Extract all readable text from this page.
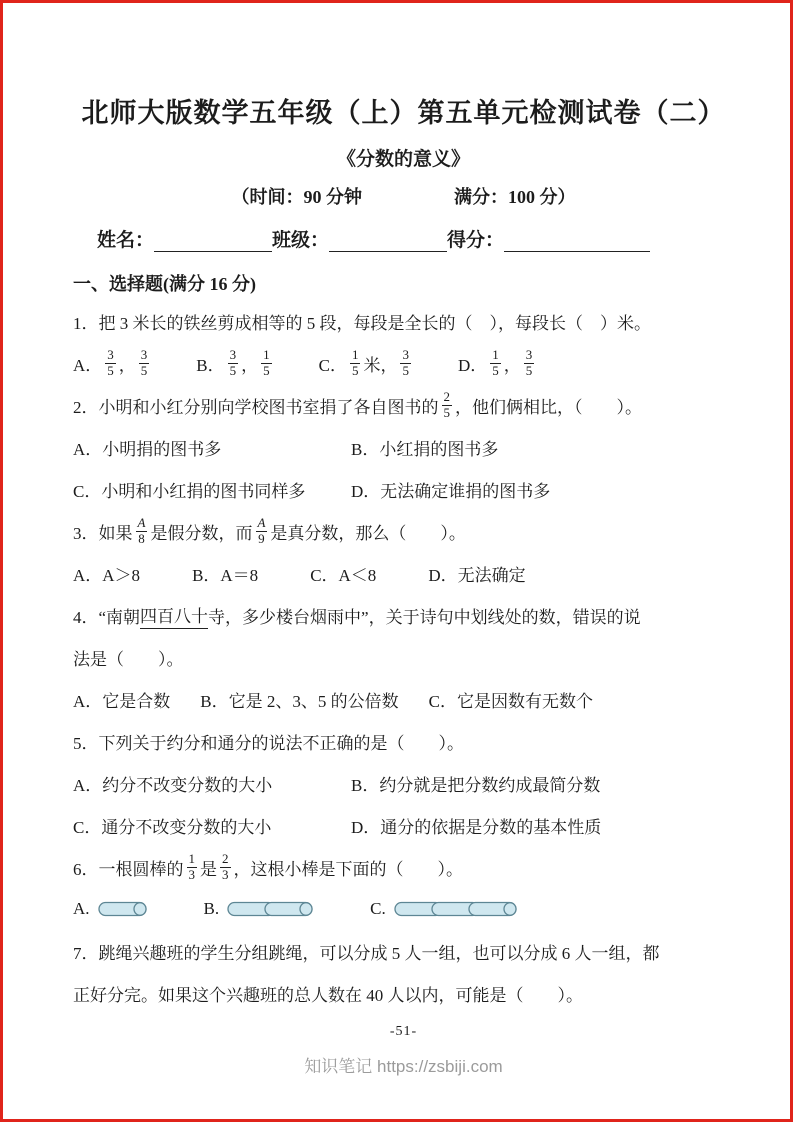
北师大版数学五年级（上）第五单元检测试卷（二）
《分数的意义》
（时间：90 分钟	满分：100 分）
姓名：	班级：	得分：
一、选择题(满分 16 分)
1． 把 3 米长的铁丝剪成相等的 5 段，每段是全长的（　），每段长（　）米。
A． $\frac{3}{5}$ ， $\frac{3}{5}$	B． $\frac{3}{5}$ ， $\frac{1}{5}$	C． $\frac{1}{5}$ 米， $\frac{3}{5}$	D． $\frac{1}{5}$ ， $\frac{3}{5}$
2． 小明和小红分别向学校图书室捐了各自图书的 $\frac{2}{5}$ ，他们俩相比，（　　）。
A．小明捐的图书多	B．小红捐的图书多
C．小明和小红捐的图书同样多	D．无法确定谁捐的图书多
3． 如果 $\frac{A}{8}$ 是假分数，而 $\frac{A}{9}$ 是真分数，那么（　　）。
A．A＞8	B．A＝8	C．A＜8	D．无法确定
4． “南朝 四百八十 寺，多少楼台烟雨中”，关于诗句中划线处的数，错误的说
法是（　　）。
A．它是合数 B．它是 2、3、5 的公倍数 C．它是因数有无数个
5． 下列关于约分和通分的说法不正确的是（　　）。
A．约分不改变分数的大小	B．约分就是把分数约成最简分数
C．通分不改变分数的大小	D．通分的依据是分数的基本性质
6． 一根圆棒的 $\frac{1}{3}$ 是 $\frac{2}{3}$ ，这根小棒是下面的（　　）。
A.	B.	C.
7． 跳绳兴趣班的学生分组跳绳，可以分成 5 人一组，也可以分成 6 人一组，都
正好分完。如果这个兴趣班的总人数在 40 人以内，可能是（　　）。
-51-
知识笔记 https://zsbiji.com
